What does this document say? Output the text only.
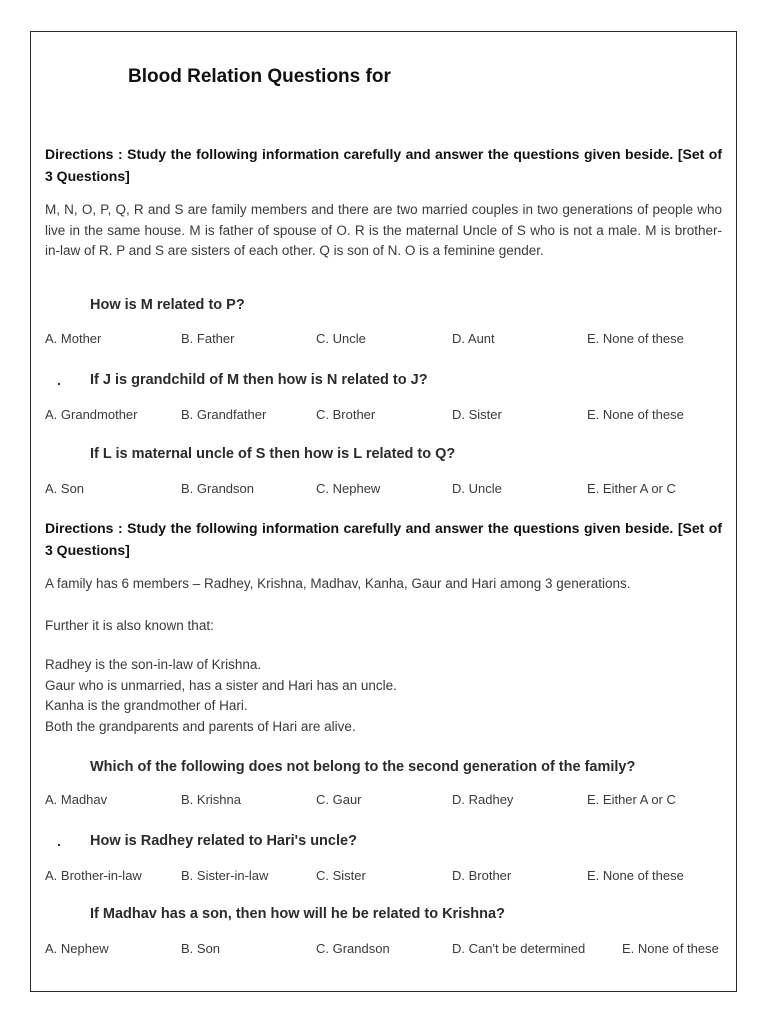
Blood Relation Questions for
Directions : Study the following information carefully and answer the questions given beside. [Set of 3 Questions]
M, N, O, P, Q, R and S are family members and there are two married couples in two generations of people who live in the same house. M is father of spouse of O. R is the maternal Uncle of S who is not a male. M is brother-in-law of R. P and S are sisters of each other. Q is son of N. O is a feminine gender.
How is M related to P?
A. Mother	B. Father	C. Uncle	D. Aunt	E. None of these
. If J is grandchild of M then how is N related to J?
A. Grandmother	B. Grandfather	C. Brother	D. Sister	E. None of these
If L is maternal uncle of S then how is L related to Q?
A. Son	B. Grandson	C. Nephew	D. Uncle	E. Either A or C
Directions : Study the following information carefully and answer the questions given beside. [Set of 3 Questions]
A family has 6 members – Radhey, Krishna, Madhav, Kanha, Gaur and Hari among 3 generations.
Further it is also known that:
Radhey is the son-in-law of Krishna.
Gaur who is unmarried, has a sister and Hari has an uncle.
Kanha is the grandmother of Hari.
Both the grandparents and parents of Hari are alive.
Which of the following does not belong to the second generation of the family?
A. Madhav	B. Krishna	C. Gaur	D. Radhey	E. Either A or C
. How is Radhey related to Hari's uncle?
A. Brother-in-law	B. Sister-in-law	C. Sister	D. Brother	E. None of these
If Madhav has a son, then how will he be related to Krishna?
A. Nephew	B. Son	C. Grandson	D. Can't be determined	E. None of these
